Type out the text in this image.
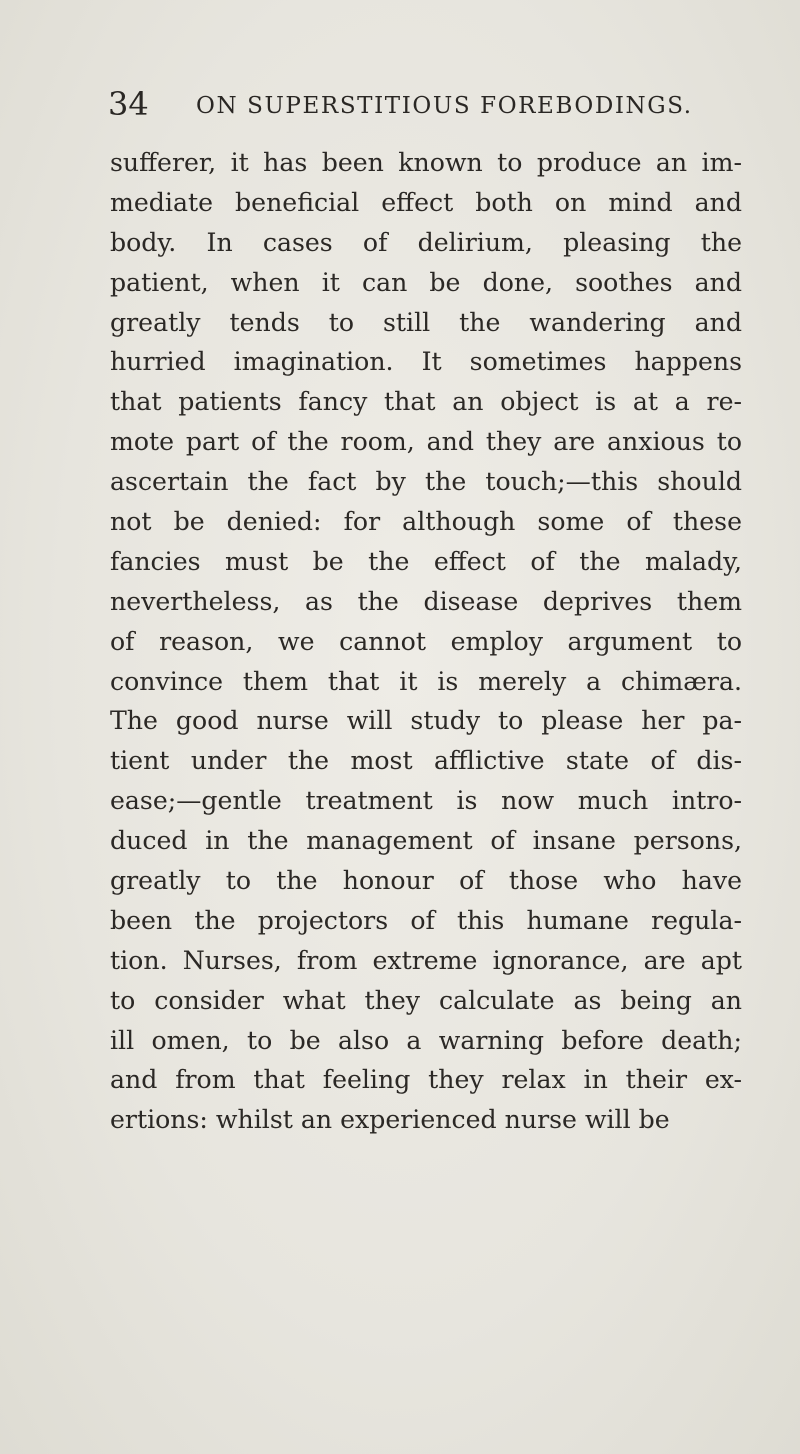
34 ON SUPERSTITIOUS FOREBODINGS.
sufferer, it has been known to produce an im-
mediate beneficial effect both on mind and
body. In cases of delirium, pleasing the
patient, when it can be done, soothes and
greatly tends to still the wandering and
hurried imagination. It sometimes happens
that patients fancy that an object is at a re-
mote part of the room, and they are anxious to
ascertain the fact by the touch;—this should
not be denied: for although some of these
fancies must be the effect of the malady,
nevertheless, as the disease deprives them
of reason, we cannot employ argument to
convince them that it is merely a chimæra.
The good nurse will study to please her pa-
tient under the most afflictive state of dis-
ease;—gentle treatment is now much intro-
duced in the management of insane persons,
greatly to the honour of those who have
been the projectors of this humane regula-
tion. Nurses, from extreme ignorance, are apt
to consider what they calculate as being an
ill omen, to be also a warning before death;
and from that feeling they relax in their ex-
ertions: whilst an experienced nurse will be
